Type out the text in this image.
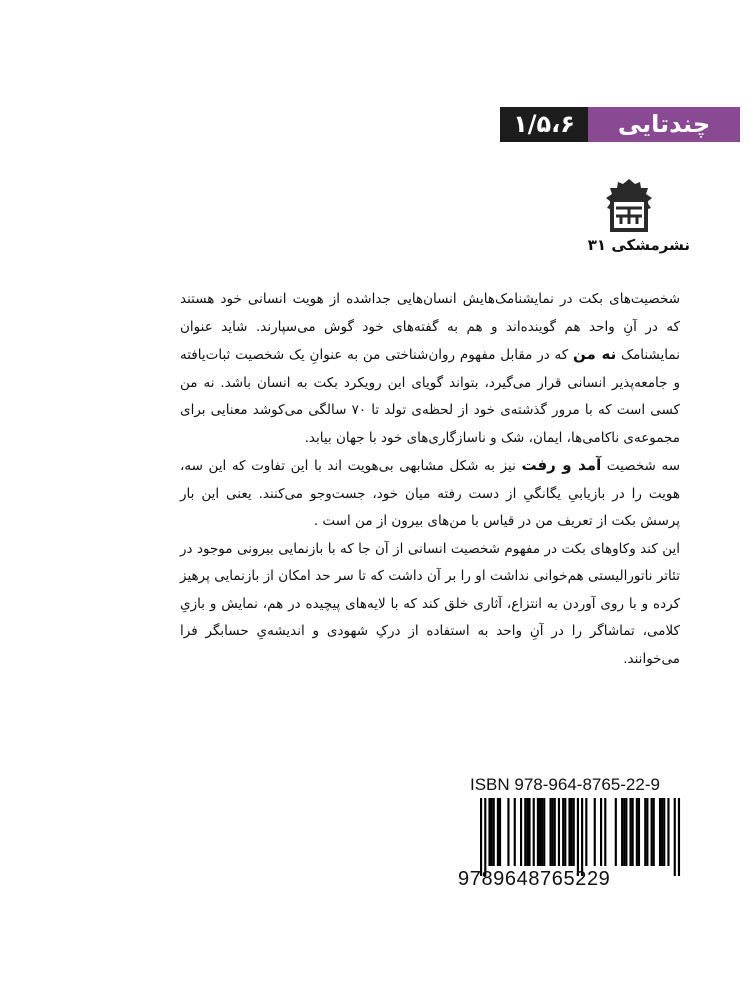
۱/۵،۶	چندتایی
نشرمشکی ۳۱

شخصیت‌های بکت در نمایشنامک‌هایش انسان‌هایی جداشده از هویت انسانی خود هستند که در آنِ واحد هم گوینده‌اند و هم به گفته‌های خود گوش می‌سپارند. شاید عنوان نمایشنامک نه من که در مقابل مفهوم روان‌شناختی من به عنوانِ یک شخصیت ثبات‌یافته و جامعه‌پذیر انسانی قرار می‌گیرد، بتواند گویای این رویکرد بکت به انسان باشد. نه من کسی است که با مرور گذشته‌ی خود از لحظه‌ی تولد تا ۷۰ سالگی می‌کوشد معنایی برای مجموعه‌ی ناکامی‌ها، ایمان، شک و ناسازگاری‌های خود با جهان بیابد.

سه شخصیت آمد و رفت نیز به شکل مشابهی بی‌هویت اند با این تفاوت که این سه، هویت را در بازیابیِ یگانگیِ از دست رفته میان خود، جست‌وجو می‌کنند. یعنی این بار پرسش بکت از تعریف من در قیاس با من‌های بیرون از من است .

این کند وکاوهای بکت در مفهوم شخصیت انسانی از آن جا که با بازنمایی بیرونی موجود در تئاتر ناتورالیستی هم‌خوانی نداشت او را بر آن داشت که تا سر حد امکان از بازنمایی پرهیز کرده و با روی آوردن به انتزاع، آثاری خلق کند که با لایه‌های پیچیده در هم، نمایش و بازیِ کلامی، تماشاگر را در آنِ واحد به استفاده از درکِ شهودی و اندیشه‌یِ حسابگر فرا می‌خوانند.

ISBN 978-964-8765-22-9
9789648765229
